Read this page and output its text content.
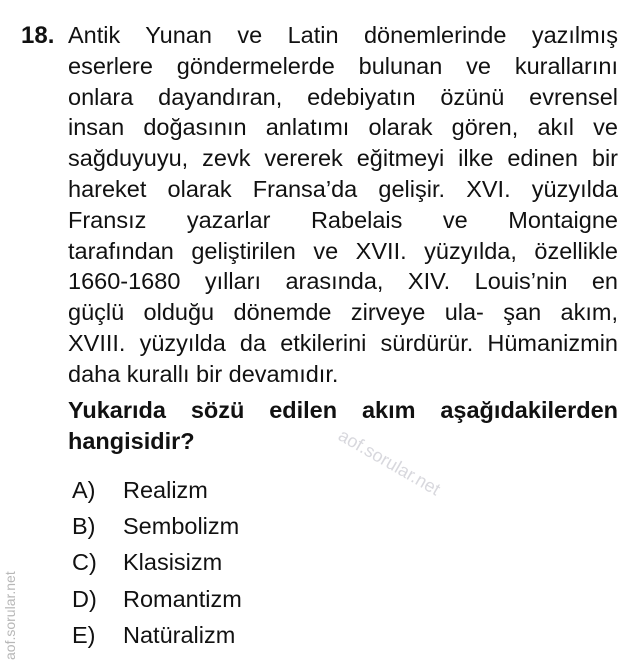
18. Antik Yunan ve Latin dönemlerinde yazılmış
eserlere göndermelerde bulunan ve kurallarını
onlara dayandıran, edebiyatın özünü evrensel
insan doğasının anlatımı olarak gören, akıl ve
sağduyuyu, zevk vererek eğitmeyi ilke edinen bir
hareket olarak Fransa’da gelişir. XVI. yüzyılda
Fransız yazarlar Rabelais ve Montaigne
tarafından geliştirilen ve XVII. yüzyılda, özellikle
1660-1680 yılları arasında, XIV. Louis’nin en
güçlü olduğu dönemde zirveye ula- şan akım,
XVIII. yüzyılda da etkilerini sürdürür. Hümanizmin
daha kurallı bir devamıdır.
Yukarıda sözü edilen akım aşağıdakilerden
hangisidir?
A)	Realizm
B)	Sembolizm
C)	Klasisizm
D)	Romantizm
E)	Natüralizm
aof.sorular.net
aof.sorular.net
